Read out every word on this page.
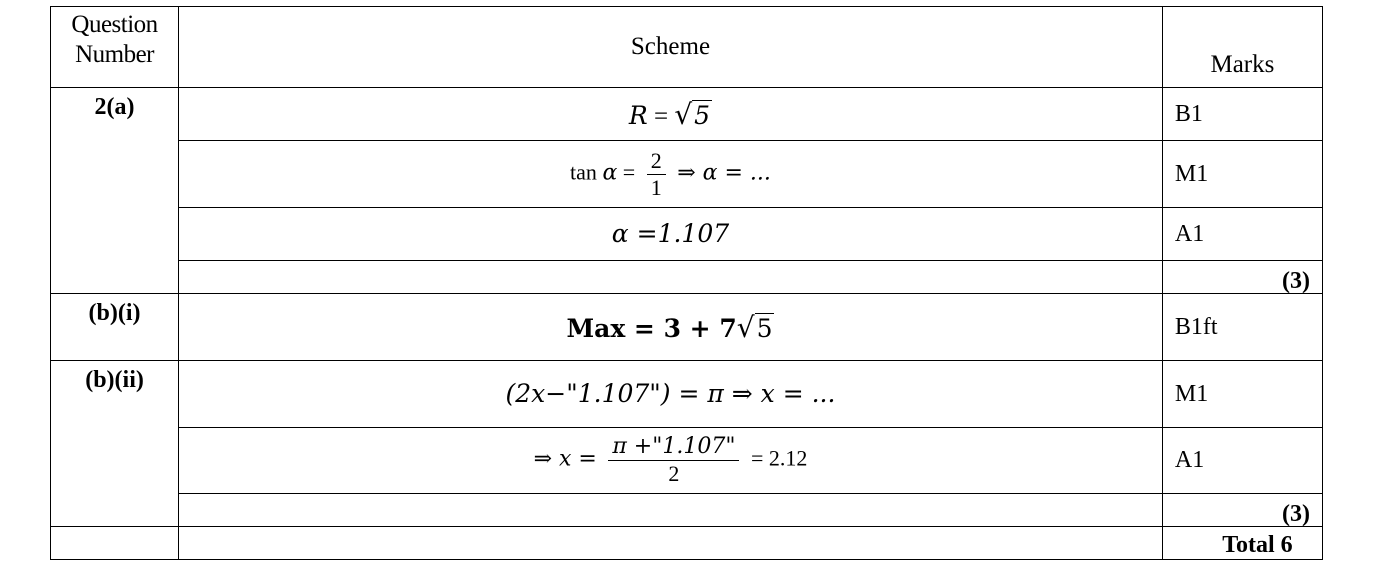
Question
Number	Scheme	Marks
2(a)	R = √5	B1
	$\tan \alpha = \frac{2}{1}$ ⇒ α = ...	M1
	α =1.107	A1
		(3)
(b)(i)	Max = 3 + 7√5	B1ft
(b)(ii)	(2x−"1.107") = π ⇒ x = ...	M1
	⇒ $x = \frac{\pi +"1.107"}{2} = 2.12$	A1
		(3)
		Total 6
